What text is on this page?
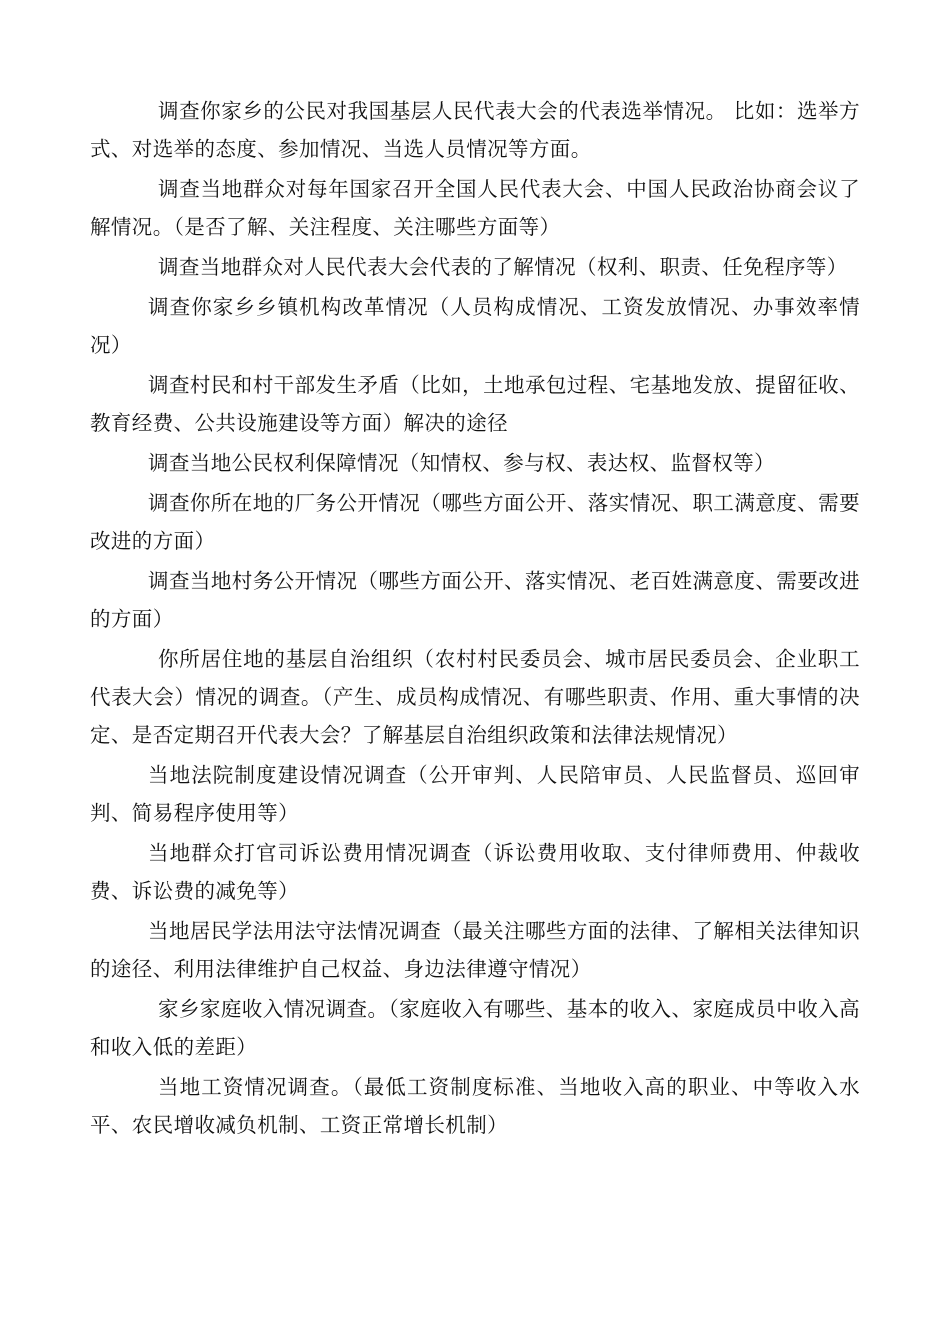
调查你家乡的公民对我国基层人民代表大会的代表选举情况。 比如：选举方式、对选举的态度、参加情况、当选人员情况等方面。

调查当地群众对每年国家召开全国人民代表大会、中国人民政治协商会议了解情况。（是否了解、关注程度、关注哪些方面等）

调查当地群众对人民代表大会代表的了解情况（权利、职责、任免程序等）

调查你家乡乡镇机构改革情况（人员构成情况、工资发放情况、办事效率情况）

调查村民和村干部发生矛盾（比如，土地承包过程、宅基地发放、提留征收、教育经费、公共设施建设等方面）解决的途径

调查当地公民权利保障情况（知情权、参与权、表达权、监督权等）

调查你所在地的厂务公开情况（哪些方面公开、落实情况、职工满意度、需要改进的方面）

调查当地村务公开情况（哪些方面公开、落实情况、老百姓满意度、需要改进的方面）

你所居住地的基层自治组织（农村村民委员会、城市居民委员会、企业职工代表大会）情况的调查。（产生、成员构成情况、有哪些职责、作用、重大事情的决定、是否定期召开代表大会？了解基层自治组织政策和法律法规情况）

当地法院制度建设情况调查（公开审判、人民陪审员、人民监督员、巡回审判、简易程序使用等）

当地群众打官司诉讼费用情况调查（诉讼费用收取、支付律师费用、仲裁收费、诉讼费的减免等）

当地居民学法用法守法情况调查（最关注哪些方面的法律、了解相关法律知识的途径、利用法律维护自己权益、身边法律遵守情况）

家乡家庭收入情况调查。（家庭收入有哪些、基本的收入、家庭成员中收入高和收入低的差距）

当地工资情况调查。（最低工资制度标准、当地收入高的职业、中等收入水平、农民增收减负机制、工资正常增长机制）
